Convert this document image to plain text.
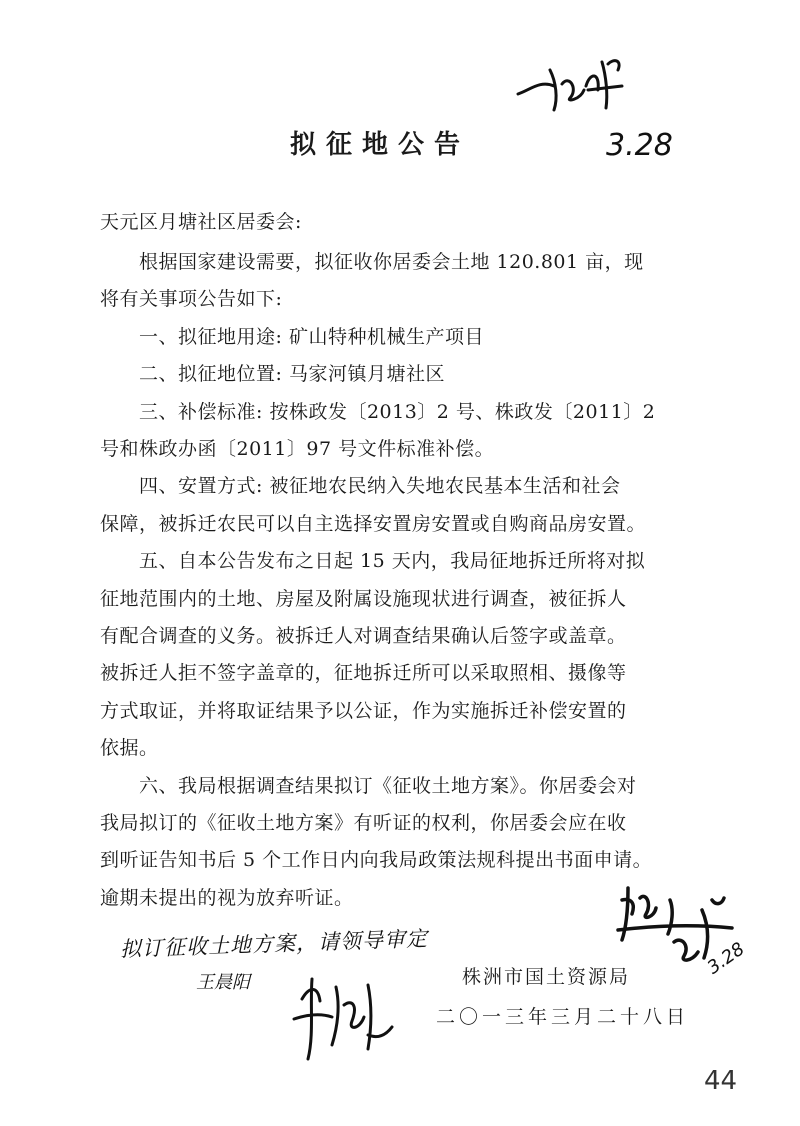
3.28
拟征地公告
天元区月塘社区居委会:
　　根据国家建设需要，拟征收你居委会土地 120.801 亩，现
将有关事项公告如下:
　　一、拟征地用途: 矿山特种机械生产项目
　　二、拟征地位置: 马家河镇月塘社区
　　三、补偿标准: 按株政发〔2013〕2 号、株政发〔2011〕2
号和株政办函〔2011〕97 号文件标准补偿。
　　四、安置方式: 被征地农民纳入失地农民基本生活和社会
保障，被拆迁农民可以自主选择安置房安置或自购商品房安置。
　　五、自本公告发布之日起 15 天内，我局征地拆迁所将对拟
征地范围内的土地、房屋及附属设施现状进行调查，被征拆人
有配合调查的义务。被拆迁人对调查结果确认后签字或盖章。
被拆迁人拒不签字盖章的，征地拆迁所可以采取照相、摄像等
方式取证，并将取证结果予以公证，作为实施拆迁补偿安置的
依据。
　　六、我局根据调查结果拟订《征收土地方案》。你居委会对
我局拟订的《征收土地方案》有听证的权利，你居委会应在收
到听证告知书后 5 个工作日内向我局政策法规科提出书面申请。
逾期未提出的视为放弃听证。
拟订征收土地方案，请领导审定
王晨阳
3.28
株洲市国土资源局
二〇一三年三月二十八日
44
